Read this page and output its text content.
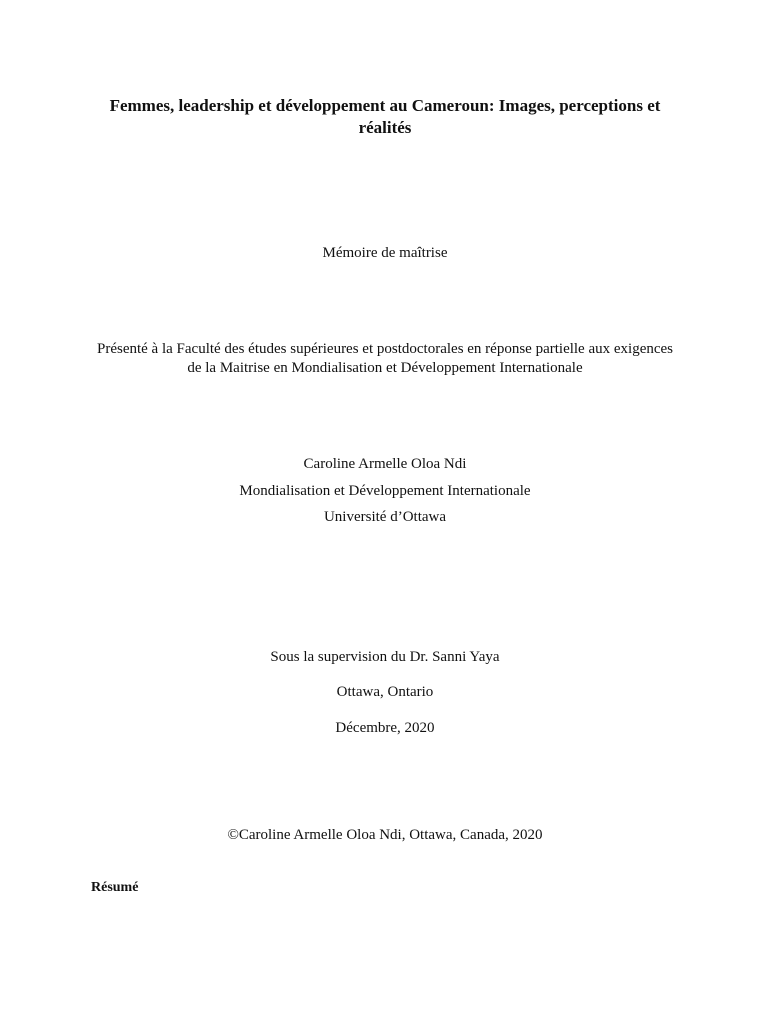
Femmes, leadership et développement au Cameroun: Images, perceptions et
réalités
Mémoire de maîtrise
Présenté à la Faculté des études supérieures et postdoctorales en réponse partielle aux exigences
de la Maitrise en Mondialisation et Développement Internationale
Caroline Armelle Oloa Ndi
Mondialisation et Développement Internationale
Université d’Ottawa
Sous la supervision du Dr. Sanni Yaya
Ottawa, Ontario
Décembre, 2020
©Caroline Armelle Oloa Ndi, Ottawa, Canada, 2020
Résumé
